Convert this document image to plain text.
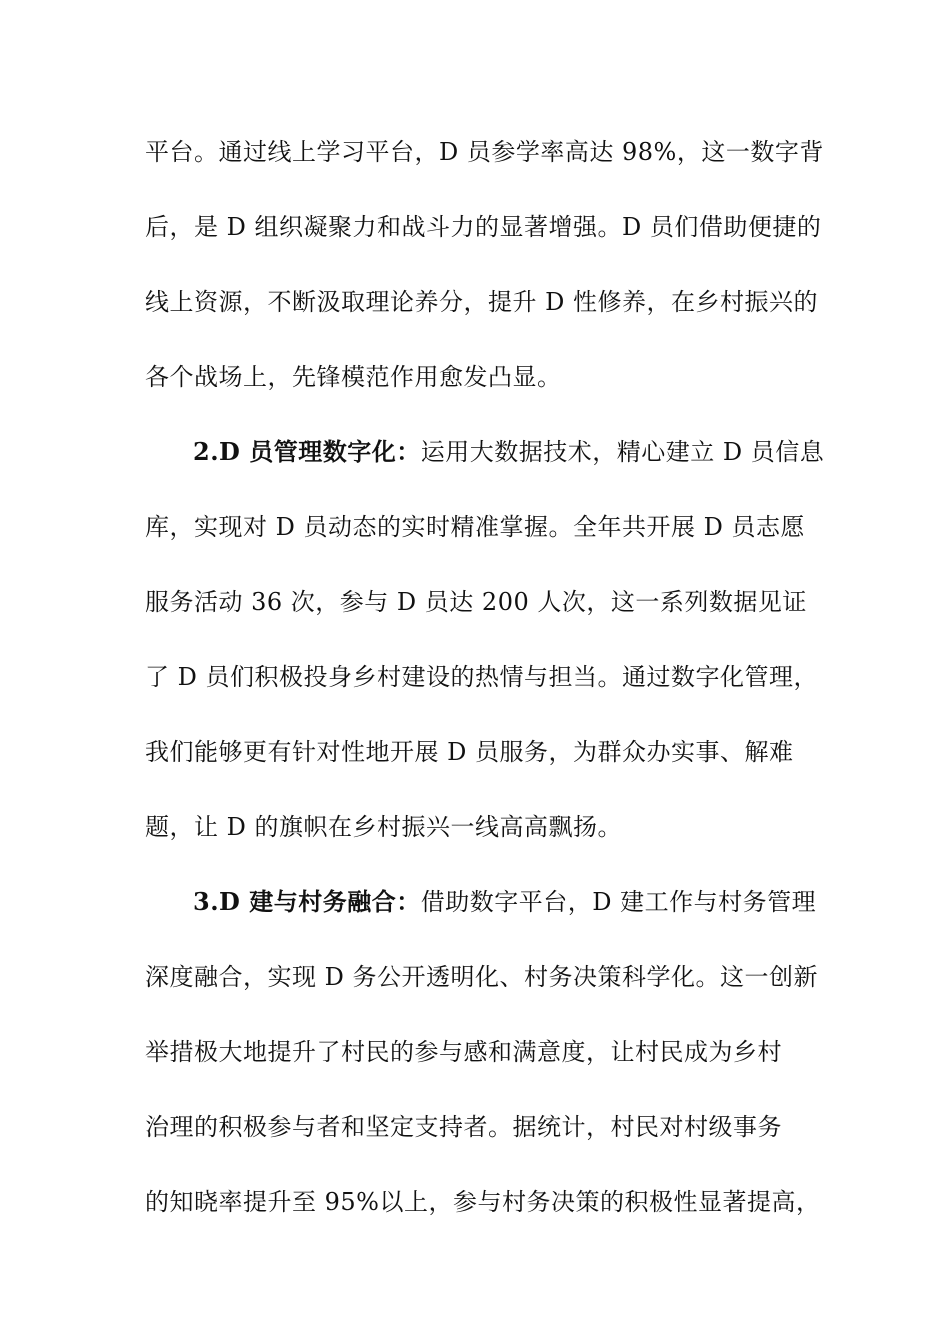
平台。通过线上学习平台，D 员参学率高达 98%，这一数字背
后，是 D 组织凝聚力和战斗力的显著增强。D 员们借助便捷的
线上资源，不断汲取理论养分，提升 D 性修养，在乡村振兴的
各个战场上，先锋模范作用愈发凸显。
2.D 员管理数字化：运用大数据技术，精心建立 D 员信息
库，实现对 D 员动态的实时精准掌握。全年共开展 D 员志愿
服务活动 36 次，参与 D 员达 200 人次，这一系列数据见证
了 D 员们积极投身乡村建设的热情与担当。通过数字化管理，
我们能够更有针对性地开展 D 员服务，为群众办实事、解难
题，让 D 的旗帜在乡村振兴一线高高飘扬。
3.D 建与村务融合：借助数字平台，D 建工作与村务管理
深度融合，实现 D 务公开透明化、村务决策科学化。这一创新
举措极大地提升了村民的参与感和满意度，让村民成为乡村
治理的积极参与者和坚定支持者。据统计，村民对村级事务
的知晓率提升至 95%以上，参与村务决策的积极性显著提高，
